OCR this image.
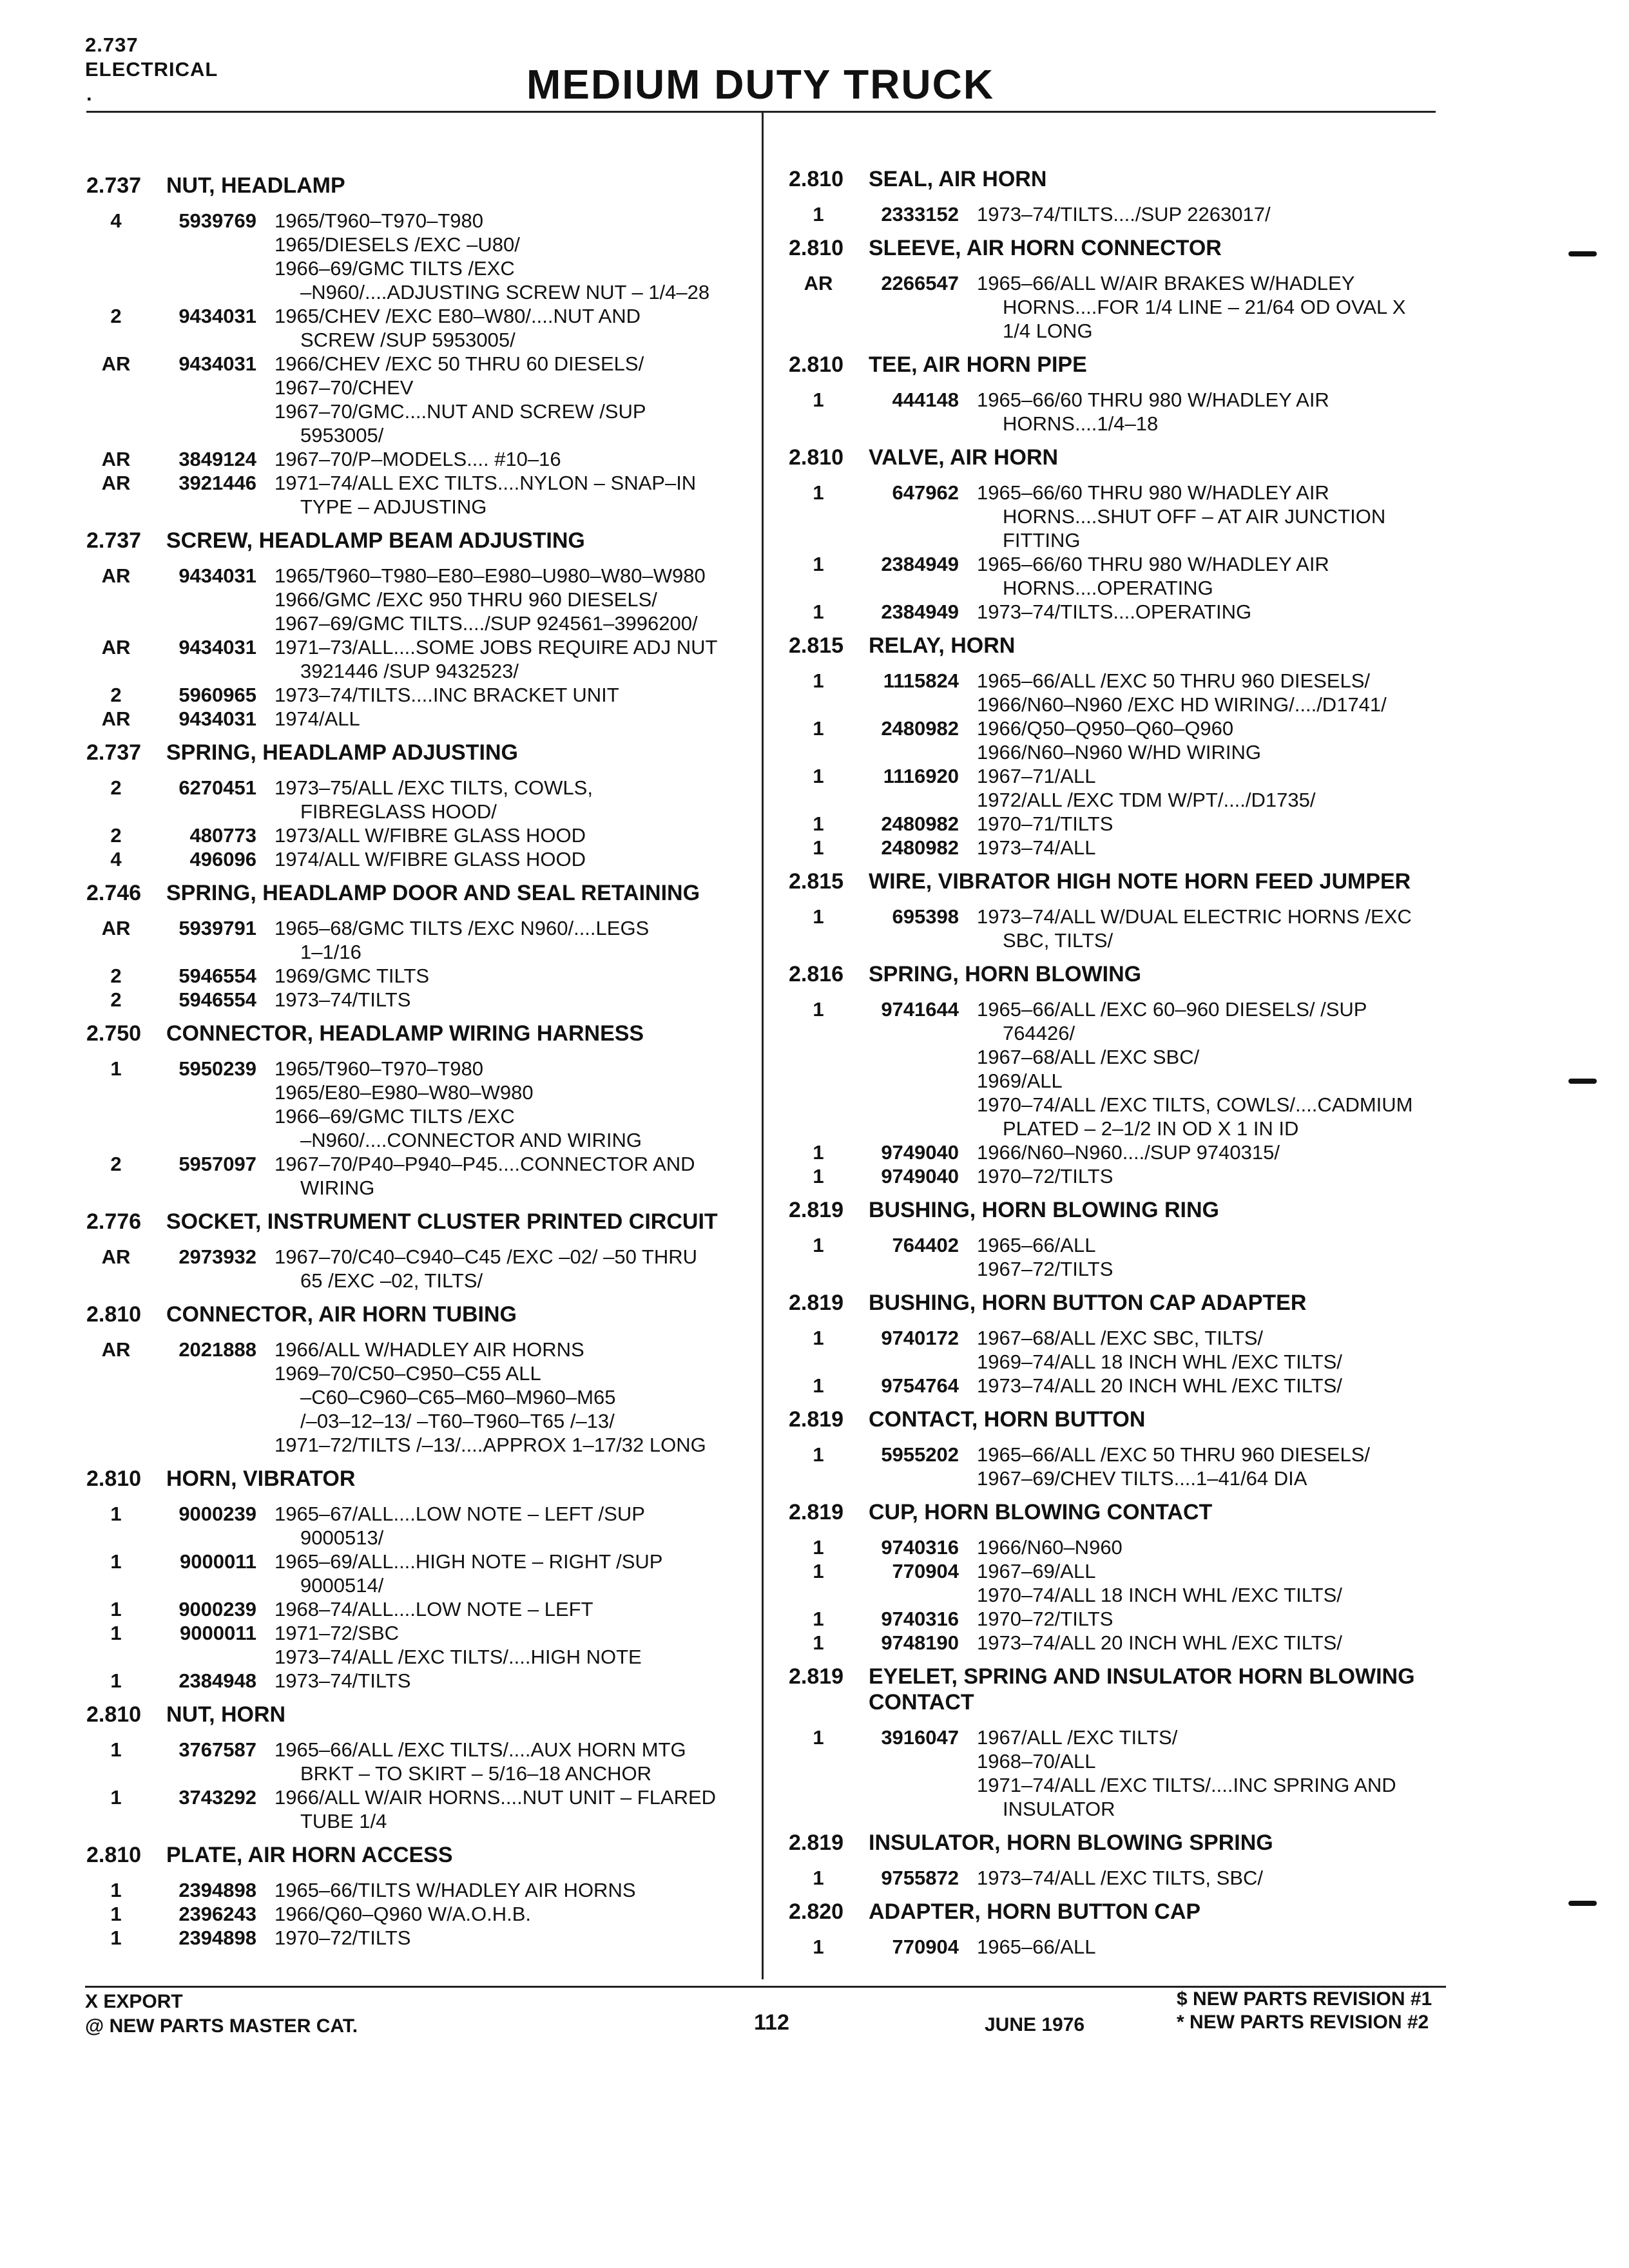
2.737
ELECTRICAL
.	MEDIUM DUTY TRUCK
2.737	NUT, HEADLAMP
4	5939769 1965/T960–T970–T980
1965/DIESELS /EXC –U80/
1966–69/GMC TILTS /EXC
–N960/....ADJUSTING SCREW NUT – 1/4–28
2	9434031 1965/CHEV /EXC E80–W80/....NUT AND
SCREW /SUP 5953005/
AR	9434031 1966/CHEV /EXC 50 THRU 60 DIESELS/
1967–70/CHEV
1967–70/GMC....NUT AND SCREW /SUP
5953005/
AR	3849124 1967–70/P–MODELS.... #10–16
AR	3921446 1971–74/ALL EXC TILTS....NYLON – SNAP–IN
TYPE – ADJUSTING
2.737	SCREW, HEADLAMP BEAM ADJUSTING
AR	9434031 1965/T960–T980–E80–E980–U980–W80–W980
1966/GMC /EXC 950 THRU 960 DIESELS/
1967–69/GMC TILTS..../SUP 924561–3996200/
AR	9434031 1971–73/ALL....SOME JOBS REQUIRE ADJ NUT
3921446 /SUP 9432523/
2	5960965 1973–74/TILTS....INC BRACKET UNIT
AR	9434031 1974/ALL
2.737	SPRING, HEADLAMP ADJUSTING
2	6270451 1973–75/ALL /EXC TILTS, COWLS,
FIBREGLASS HOOD/
2	480773 1973/ALL W/FIBRE GLASS HOOD
4	496096 1974/ALL W/FIBRE GLASS HOOD
2.746	SPRING, HEADLAMP DOOR AND SEAL RETAINING
AR	5939791 1965–68/GMC TILTS /EXC N960/....LEGS
1–1/16
2	5946554 1969/GMC TILTS
2	5946554 1973–74/TILTS
2.750	CONNECTOR, HEADLAMP WIRING HARNESS
1	5950239 1965/T960–T970–T980
1965/E80–E980–W80–W980
1966–69/GMC TILTS /EXC
–N960/....CONNECTOR AND WIRING
2	5957097 1967–70/P40–P940–P45....CONNECTOR AND
WIRING
2.776	SOCKET, INSTRUMENT CLUSTER PRINTED CIRCUIT
AR	2973932 1967–70/C40–C940–C45 /EXC –02/ –50 THRU
65 /EXC –02, TILTS/
2.810	CONNECTOR, AIR HORN TUBING
AR	2021888 1966/ALL W/HADLEY AIR HORNS
1969–70/C50–C950–C55 ALL
–C60–C960–C65–M60–M960–M65
/–03–12–13/ –T60–T960–T65 /–13/
1971–72/TILTS /–13/....APPROX 1–17/32 LONG
2.810	HORN, VIBRATOR
1	9000239 1965–67/ALL....LOW NOTE – LEFT /SUP
9000513/
1	9000011 1965–69/ALL....HIGH NOTE – RIGHT /SUP
9000514/
1	9000239 1968–74/ALL....LOW NOTE – LEFT
1	9000011 1971–72/SBC
1973–74/ALL /EXC TILTS/....HIGH NOTE
1	2384948 1973–74/TILTS
2.810	NUT, HORN
1	3767587 1965–66/ALL /EXC TILTS/....AUX HORN MTG
BRKT – TO SKIRT – 5/16–18 ANCHOR
1	3743292 1966/ALL W/AIR HORNS....NUT UNIT – FLARED
TUBE 1/4
2.810	PLATE, AIR HORN ACCESS
1	2394898 1965–66/TILTS W/HADLEY AIR HORNS
1	2396243 1966/Q60–Q960 W/A.O.H.B.
1	2394898 1970–72/TILTS
2.810	SEAL, AIR HORN
1	2333152 1973–74/TILTS..../SUP 2263017/
2.810	SLEEVE, AIR HORN CONNECTOR
AR	2266547 1965–66/ALL W/AIR BRAKES W/HADLEY
HORNS....FOR 1/4 LINE – 21/64 OD OVAL X
1/4 LONG
2.810	TEE, AIR HORN PIPE
1	444148 1965–66/60 THRU 980 W/HADLEY AIR
HORNS....1/4–18
2.810	VALVE, AIR HORN
1	647962 1965–66/60 THRU 980 W/HADLEY AIR
HORNS....SHUT OFF – AT AIR JUNCTION
FITTING
1	2384949 1965–66/60 THRU 980 W/HADLEY AIR
HORNS....OPERATING
1	2384949 1973–74/TILTS....OPERATING
2.815	RELAY, HORN
1	1115824 1965–66/ALL /EXC 50 THRU 960 DIESELS/
1966/N60–N960 /EXC HD WIRING/..../D1741/
1	2480982 1966/Q50–Q950–Q60–Q960
1966/N60–N960 W/HD WIRING
1	1116920 1967–71/ALL
1972/ALL /EXC TDM W/PT/..../D1735/
1	2480982 1970–71/TILTS
1	2480982 1973–74/ALL
2.815	WIRE, VIBRATOR HIGH NOTE HORN FEED JUMPER
1	695398 1973–74/ALL W/DUAL ELECTRIC HORNS /EXC
SBC, TILTS/
2.816	SPRING, HORN BLOWING
1	9741644 1965–66/ALL /EXC 60–960 DIESELS/ /SUP
764426/
1967–68/ALL /EXC SBC/
1969/ALL
1970–74/ALL /EXC TILTS, COWLS/....CADMIUM
PLATED – 2–1/2 IN OD X 1 IN ID
1	9749040 1966/N60–N960..../SUP 9740315/
1	9749040 1970–72/TILTS
2.819	BUSHING, HORN BLOWING RING
1	764402 1965–66/ALL
1967–72/TILTS
2.819	BUSHING, HORN BUTTON CAP ADAPTER
1	9740172 1967–68/ALL /EXC SBC, TILTS/
1969–74/ALL 18 INCH WHL /EXC TILTS/
1	9754764 1973–74/ALL 20 INCH WHL /EXC TILTS/
2.819	CONTACT, HORN BUTTON
1	5955202 1965–66/ALL /EXC 50 THRU 960 DIESELS/
1967–69/CHEV TILTS....1–41/64 DIA
2.819	CUP, HORN BLOWING CONTACT
1	9740316 1966/N60–N960
1	770904 1967–69/ALL
1970–74/ALL 18 INCH WHL /EXC TILTS/
1	9740316 1970–72/TILTS
1	9748190 1973–74/ALL 20 INCH WHL /EXC TILTS/
2.819	EYELET, SPRING AND INSULATOR HORN BLOWING CONTACT
1	3916047 1967/ALL /EXC TILTS/
1968–70/ALL
1971–74/ALL /EXC TILTS/....INC SPRING AND
INSULATOR
2.819	INSULATOR, HORN BLOWING SPRING
1	9755872 1973–74/ALL /EXC TILTS, SBC/
2.820	ADAPTER, HORN BUTTON CAP
1	770904 1965–66/ALL
X EXPORT
@ NEW PARTS MASTER CAT.	112	JUNE 1976
$ NEW PARTS REVISION #1
* NEW PARTS REVISION #2
